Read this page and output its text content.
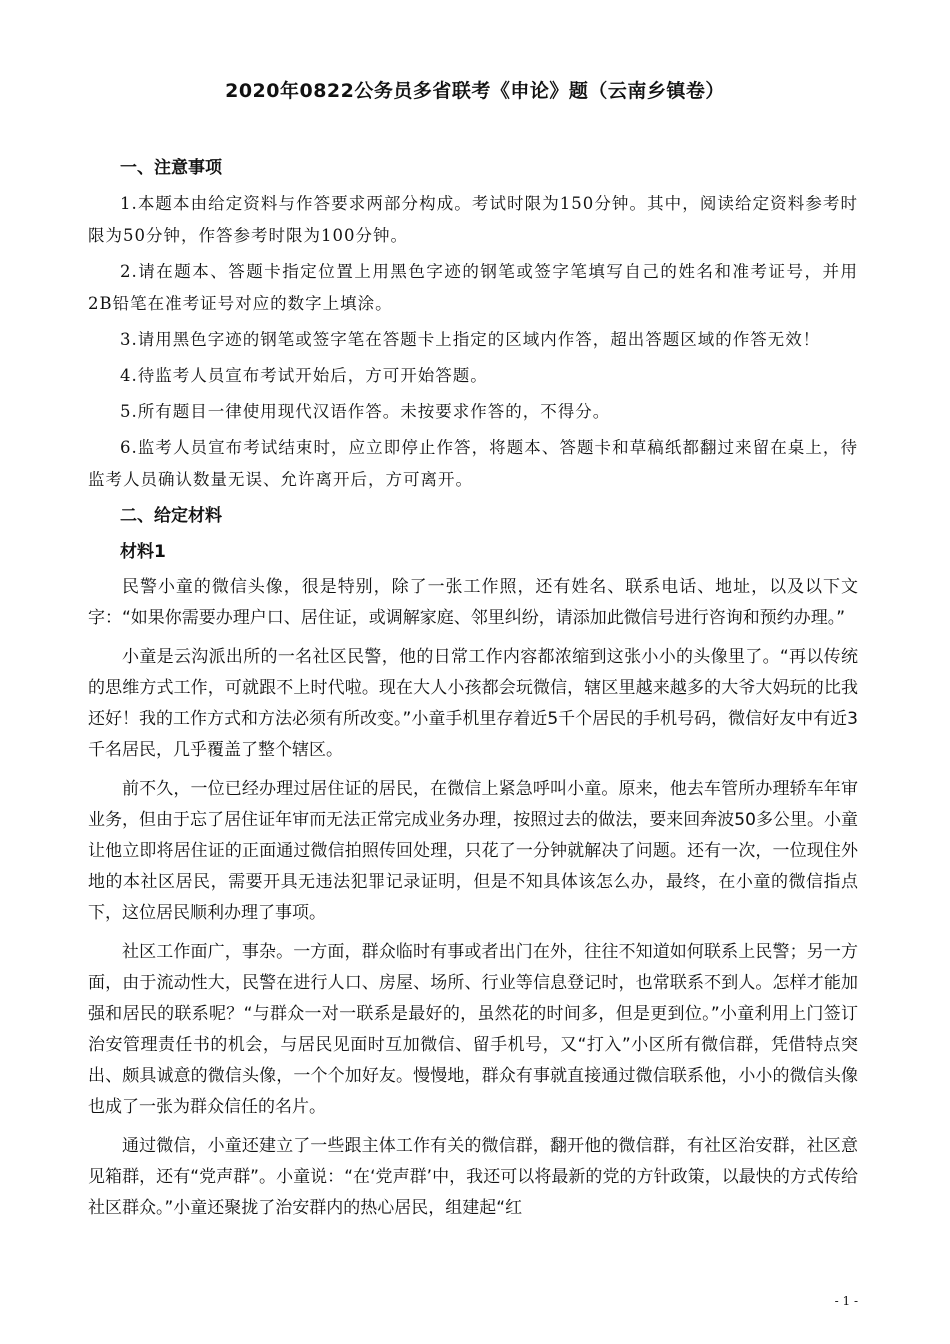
2020年0822公务员多省联考《申论》题（云南乡镇卷）
一、注意事项

1.本题本由给定资料与作答要求两部分构成。考试时限为150分钟。其中，阅读给定资料参考时限为50分钟，作答参考时限为100分钟。

2.请在题本、答题卡指定位置上用黑色字迹的钢笔或签字笔填写自己的姓名和准考证号，并用2B铅笔在准考证号对应的数字上填涂。

3.请用黑色字迹的钢笔或签字笔在答题卡上指定的区域内作答，超出答题区域的作答无效！

4.待监考人员宣布考试开始后，方可开始答题。

5.所有题目一律使用现代汉语作答。未按要求作答的，不得分。

6.监考人员宣布考试结束时，应立即停止作答，将题本、答题卡和草稿纸都翻过来留在桌上，待监考人员确认数量无误、允许离开后，方可离开。

二、给定材料
材料1

民警小童的微信头像，很是特别，除了一张工作照，还有姓名、联系电话、地址，以及以下文字：“如果你需要办理户口、居住证，或调解家庭、邻里纠纷，请添加此微信号进行咨询和预约办理。”

小童是云沟派出所的一名社区民警，他的日常工作内容都浓缩到这张小小的头像里了。“再以传统的思维方式工作，可就跟不上时代啦。现在大人小孩都会玩微信，辖区里越来越多的大爷大妈玩的比我还好！我的工作方式和方法必须有所改变。”小童手机里存着近5千个居民的手机号码，微信好友中有近3千名居民，几乎覆盖了整个辖区。

前不久，一位已经办理过居住证的居民，在微信上紧急呼叫小童。原来，他去车管所办理轿车年审业务，但由于忘了居住证年审而无法正常完成业务办理，按照过去的做法，要来回奔波50多公里。小童让他立即将居住证的正面通过微信拍照传回处理，只花了一分钟就解决了问题。还有一次，一位现住外地的本社区居民，需要开具无违法犯罪记录证明，但是不知具体该怎么办，最终，在小童的微信指点下，这位居民顺利办理了事项。

社区工作面广，事杂。一方面，群众临时有事或者出门在外，往往不知道如何联系上民警；另一方面，由于流动性大，民警在进行人口、房屋、场所、行业等信息登记时，也常联系不到人。怎样才能加强和居民的联系呢？“与群众一对一联系是最好的，虽然花的时间多，但是更到位。”小童利用上门签订治安管理责任书的机会，与居民见面时互加微信、留手机号，又“打入”小区所有微信群，凭借特点突出、颇具诚意的微信头像，一个个加好友。慢慢地，群众有事就直接通过微信联系他，小小的微信头像也成了一张为群众信任的名片。

通过微信，小童还建立了一些跟主体工作有关的微信群，翻开他的微信群，有社区治安群，社区意见箱群，还有“党声群”。小童说：“在‘党声群’中，我还可以将最新的党的方针政策，以最快的方式传给社区群众。”小童还聚拢了治安群内的热心居民，组建起“红

- 1 -
